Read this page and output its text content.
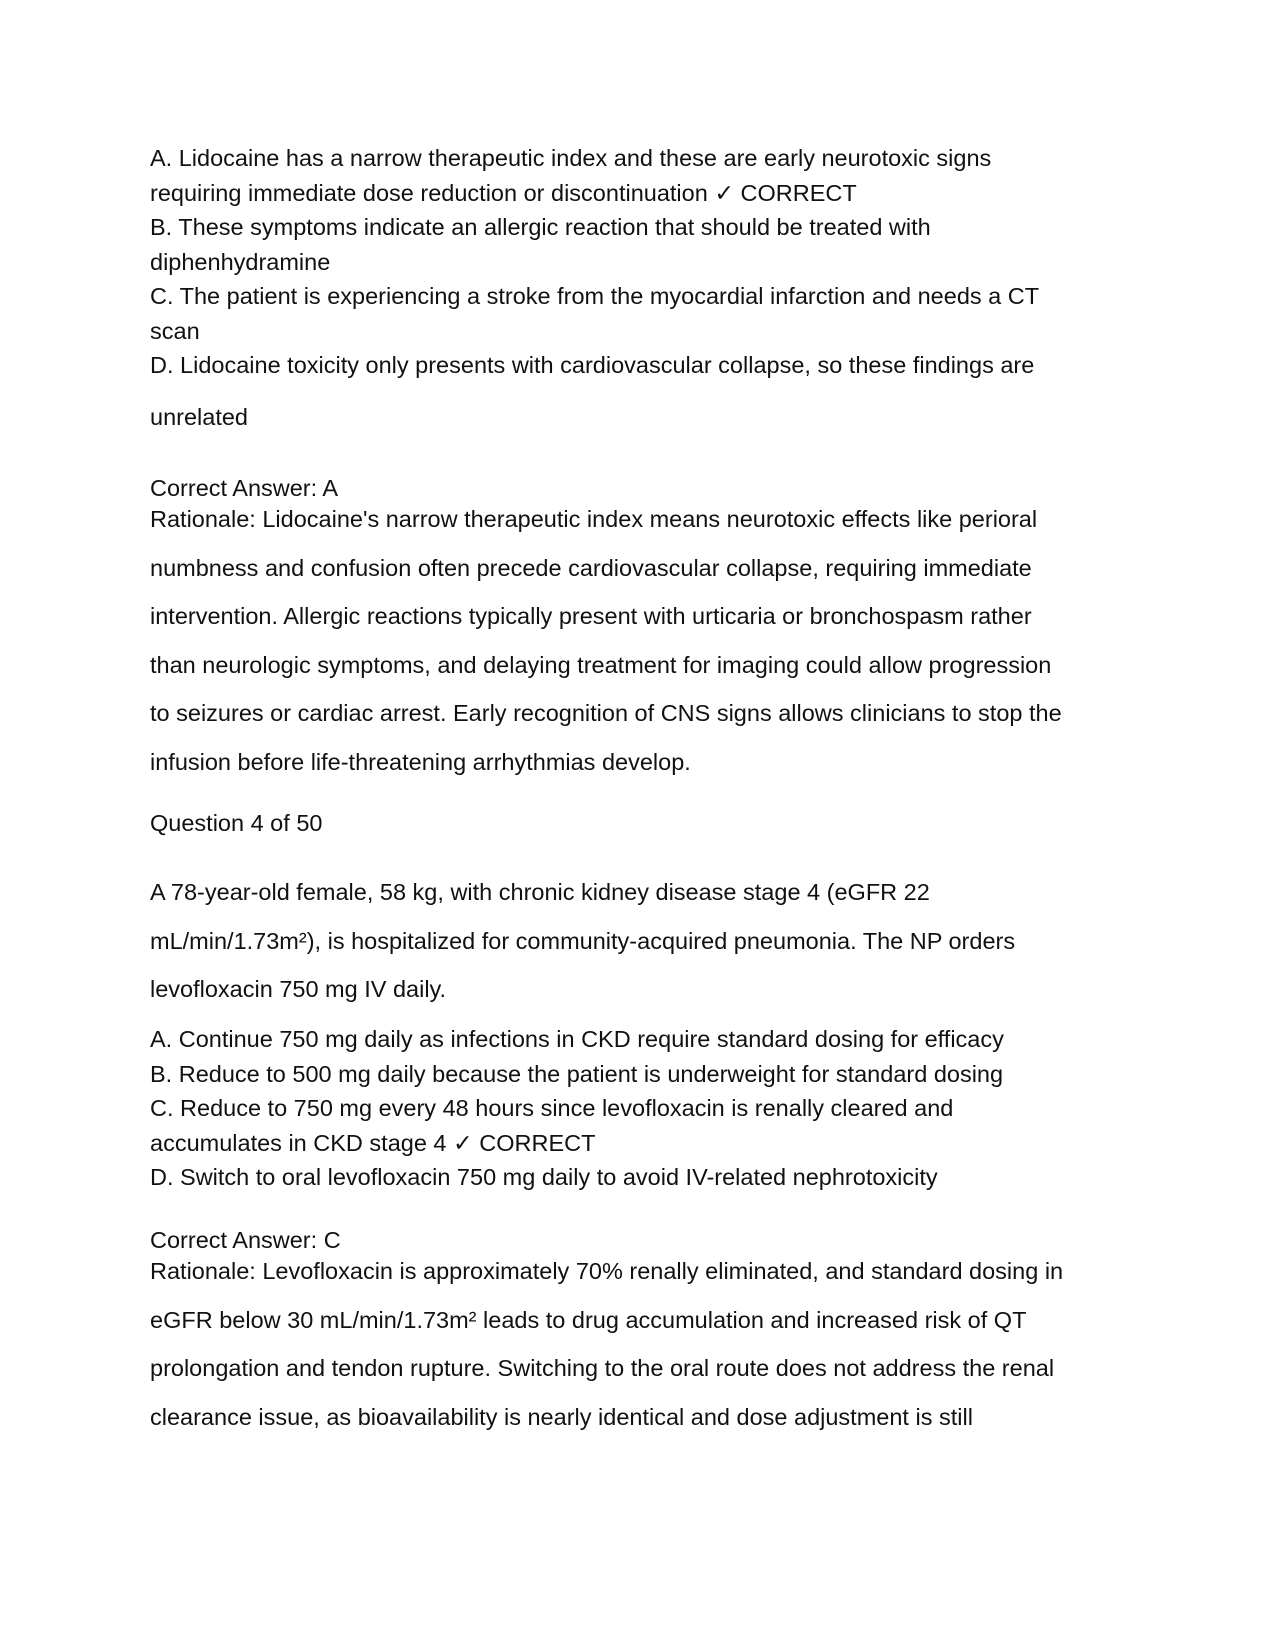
A. Lidocaine has a narrow therapeutic index and these are early neurotoxic signs
requiring immediate dose reduction or discontinuation ✓ CORRECT
B. These symptoms indicate an allergic reaction that should be treated with
diphenhydramine
C. The patient is experiencing a stroke from the myocardial infarction and needs a CT
scan
D. Lidocaine toxicity only presents with cardiovascular collapse, so these findings are
unrelated
Correct Answer: A
Rationale: Lidocaine's narrow therapeutic index means neurotoxic effects like perioral
numbness and confusion often precede cardiovascular collapse, requiring immediate
intervention. Allergic reactions typically present with urticaria or bronchospasm rather
than neurologic symptoms, and delaying treatment for imaging could allow progression
to seizures or cardiac arrest. Early recognition of CNS signs allows clinicians to stop the
infusion before life-threatening arrhythmias develop.
Question 4 of 50
A 78-year-old female, 58 kg, with chronic kidney disease stage 4 (eGFR 22
mL/min/1.73m²), is hospitalized for community-acquired pneumonia. The NP orders
levofloxacin 750 mg IV daily.
A. Continue 750 mg daily as infections in CKD require standard dosing for efficacy
B. Reduce to 500 mg daily because the patient is underweight for standard dosing
C. Reduce to 750 mg every 48 hours since levofloxacin is renally cleared and
accumulates in CKD stage 4 ✓ CORRECT
D. Switch to oral levofloxacin 750 mg daily to avoid IV-related nephrotoxicity
Correct Answer: C
Rationale: Levofloxacin is approximately 70% renally eliminated, and standard dosing in
eGFR below 30 mL/min/1.73m² leads to drug accumulation and increased risk of QT
prolongation and tendon rupture. Switching to the oral route does not address the renal
clearance issue, as bioavailability is nearly identical and dose adjustment is still
